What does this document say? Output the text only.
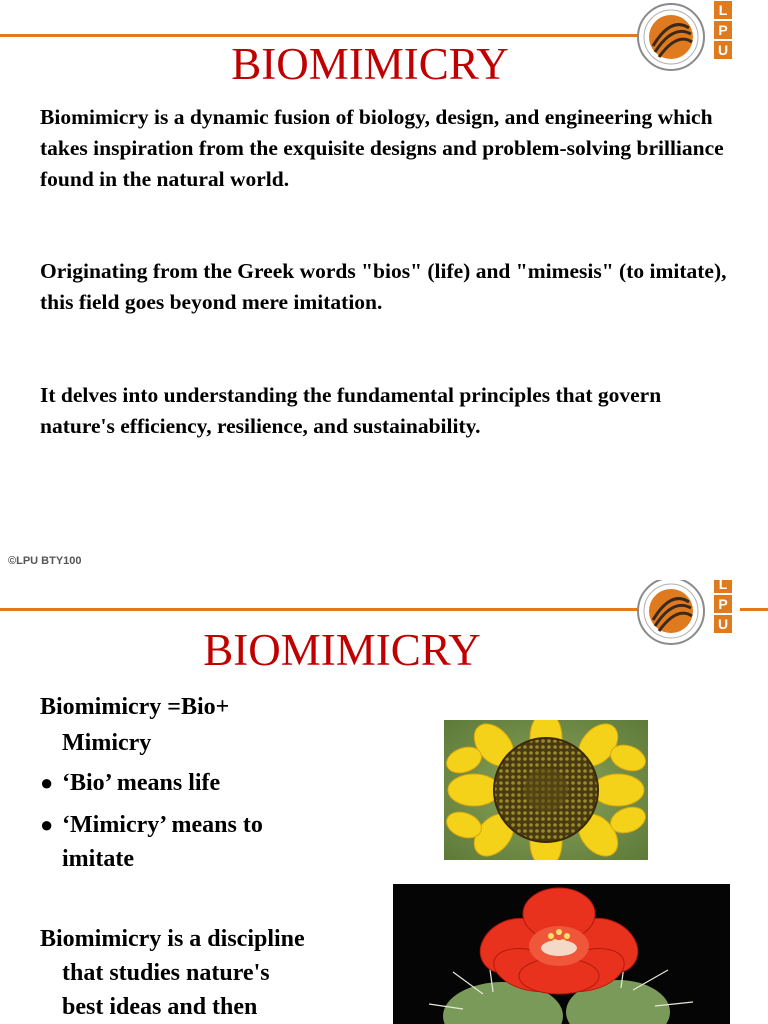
L
P
U
BIOMIMICRY

Biomimicry is a dynamic fusion of biology, design, and engineering which takes inspiration from the exquisite designs and problem-solving brilliance found in the natural world.

Originating from the Greek words "bios" (life) and "mimesis" (to imitate), this field goes beyond mere imitation.

It delves into understanding the fundamental principles that govern nature's efficiency, resilience, and sustainability.

©LPU BTY100
L
P
U
BIOMIMICRY
Biomimicry =Bio+
Mimicry
● ‘Bio’ means life
● ‘Mimicry’ means to imitate
Biomimicry is a discipline
that studies nature's
best ideas and then
